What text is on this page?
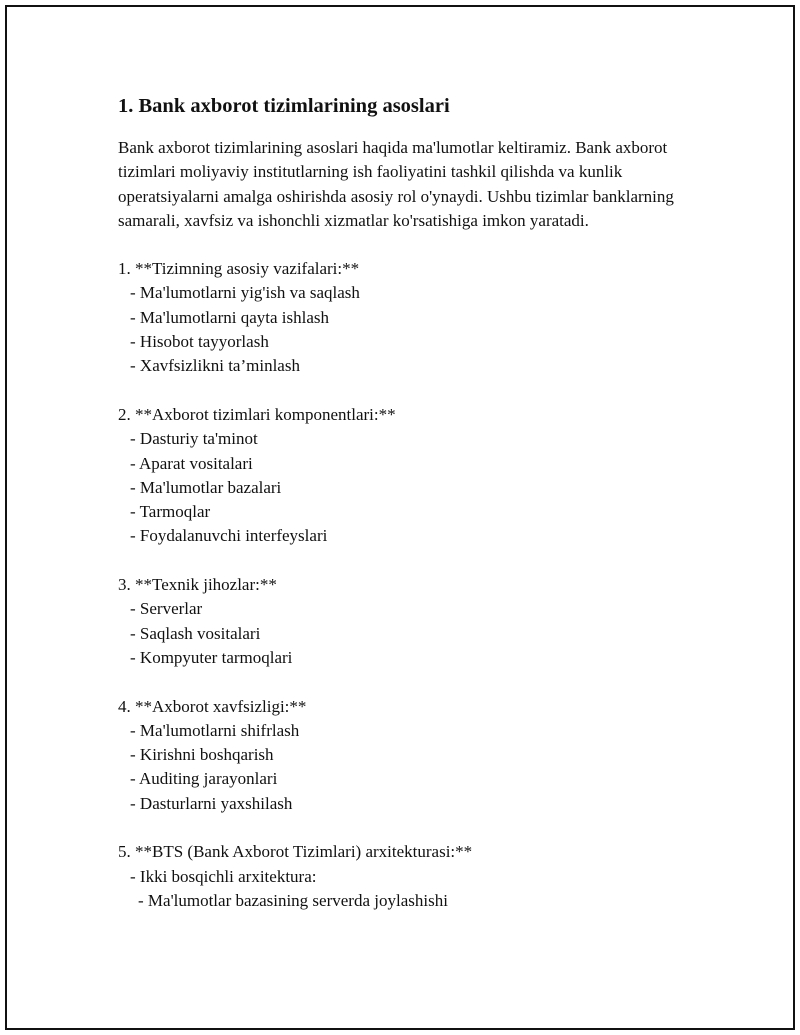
1. Bank axborot tizimlarining asoslari

Bank axborot tizimlarining asoslari haqida ma'lumotlar keltiramiz. Bank axborot tizimlari moliyaviy institutlarning ish faoliyatini tashkil qilishda va kunlik operatsiyalarni amalga oshirishda asosiy rol o'ynaydi. Ushbu tizimlar banklarning samarali, xavfsiz va ishonchli xizmatlar ko'rsatishiga imkon yaratadi.

1. **Tizimning asosiy vazifalari:**
- Ma'lumotlarni yig'ish va saqlash
- Ma'lumotlarni qayta ishlash
- Hisobot tayyorlash
- Xavfsizlikni ta’minlash
2. **Axborot tizimlari komponentlari:**
- Dasturiy ta'minot
- Aparat vositalari
- Ma'lumotlar bazalari
- Tarmoqlar
- Foydalanuvchi interfeyslari
3. **Texnik jihozlar:**
- Serverlar
- Saqlash vositalari
- Kompyuter tarmoqlari
4. **Axborot xavfsizligi:**
- Ma'lumotlarni shifrlash
- Kirishni boshqarish
- Auditing jarayonlari
- Dasturlarni yaxshilash
5. **BTS (Bank Axborot Tizimlari) arxitekturasi:**
- Ikki bosqichli arxitektura:
- Ma'lumotlar bazasining serverda joylashishi
